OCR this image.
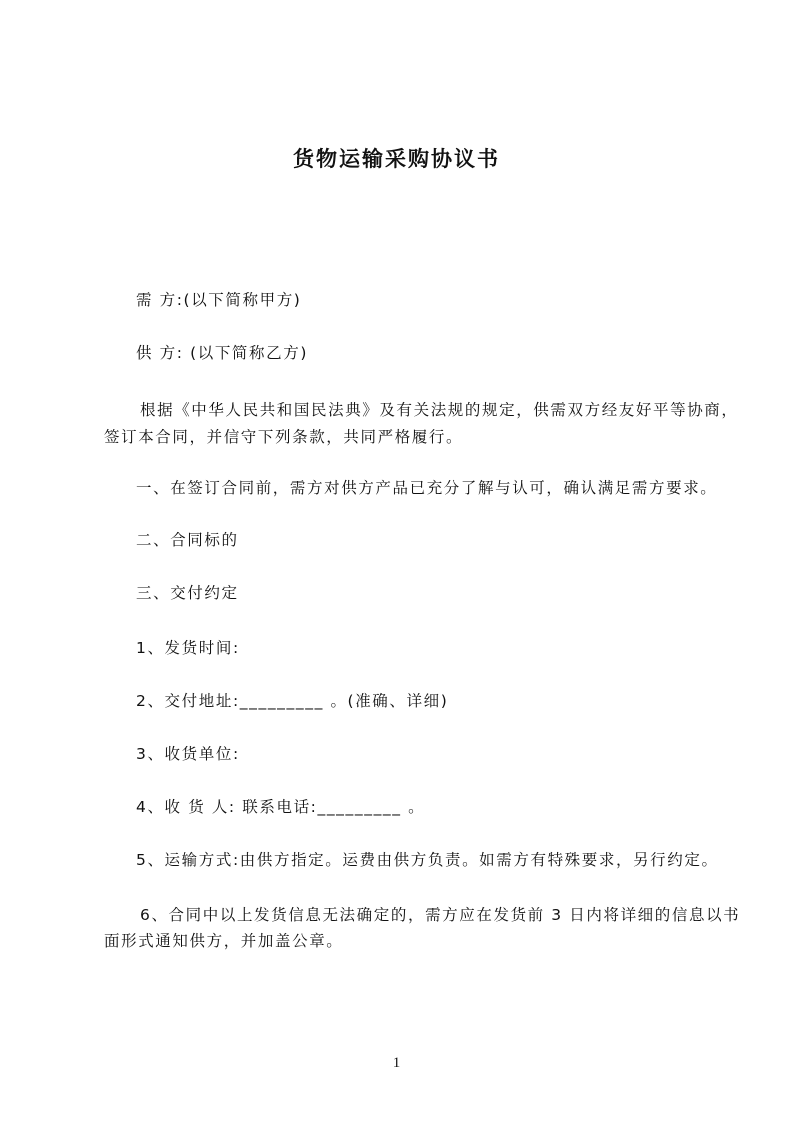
货物运输采购协议书
需 方:(以下简称甲方)
供 方: (以下简称乙方)
根据《中华人民共和国民法典》及有关法规的规定，供需双方经友好平等协商，
签订本合同，并信守下列条款，共同严格履行。
一、在签订合同前，需方对供方产品已充分了解与认可，确认满足需方要求。
二、合同标的
三、交付约定
1、发货时间:
2、交付地址:_________ 。(准确、详细)
3、收货单位:
4、收 货 人: 联系电话:_________ 。
5、运输方式:由供方指定。运费由供方负责。如需方有特殊要求，另行约定。
6、合同中以上发货信息无法确定的，需方应在发货前 3 日内将详细的信息以书
面形式通知供方，并加盖公章。
1
